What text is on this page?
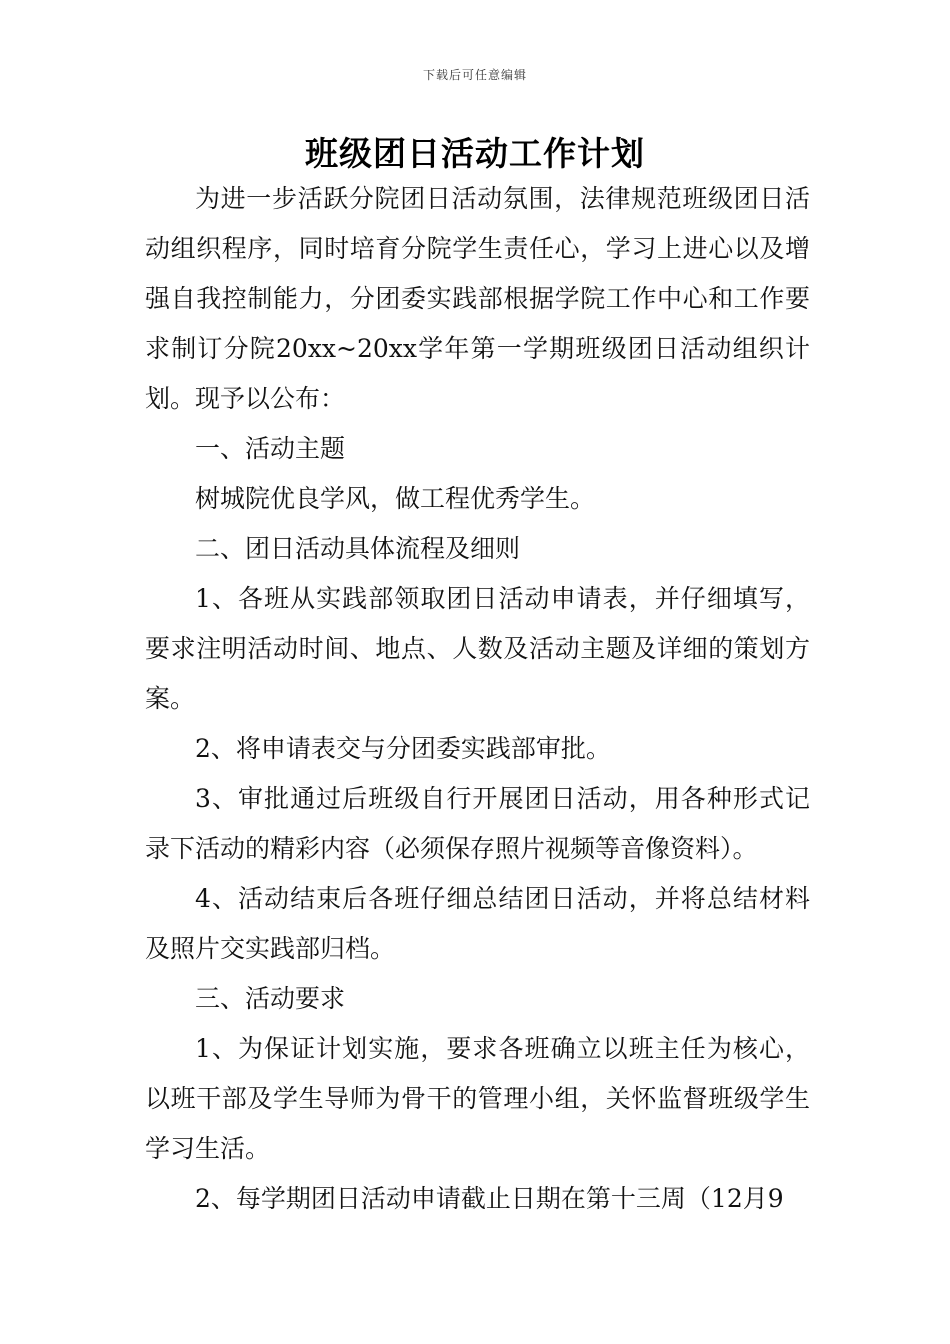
下载后可任意编辑
班级团日活动工作计划

为进一步活跃分院团日活动氛围，法律规范班级团日活动组织程序，同时培育分院学生责任心，学习上进心以及增强自我控制能力，分团委实践部根据学院工作中心和工作要求制订分院20xx~20xx学年第一学期班级团日活动组织计划。现予以公布：

一、活动主题

树城院优良学风，做工程优秀学生。

二、团日活动具体流程及细则

1、各班从实践部领取团日活动申请表，并仔细填写，要求注明活动时间、地点、人数及活动主题及详细的策划方案。

2、将申请表交与分团委实践部审批。

3、审批通过后班级自行开展团日活动，用各种形式记录下活动的精彩内容（必须保存照片视频等音像资料）。

4、活动结束后各班仔细总结团日活动，并将总结材料及照片交实践部归档。

三、活动要求

1、为保证计划实施，要求各班确立以班主任为核心，以班干部及学生导师为骨干的管理小组，关怀监督班级学生学习生活。

2、每学期团日活动申请截止日期在第十三周（12月9
